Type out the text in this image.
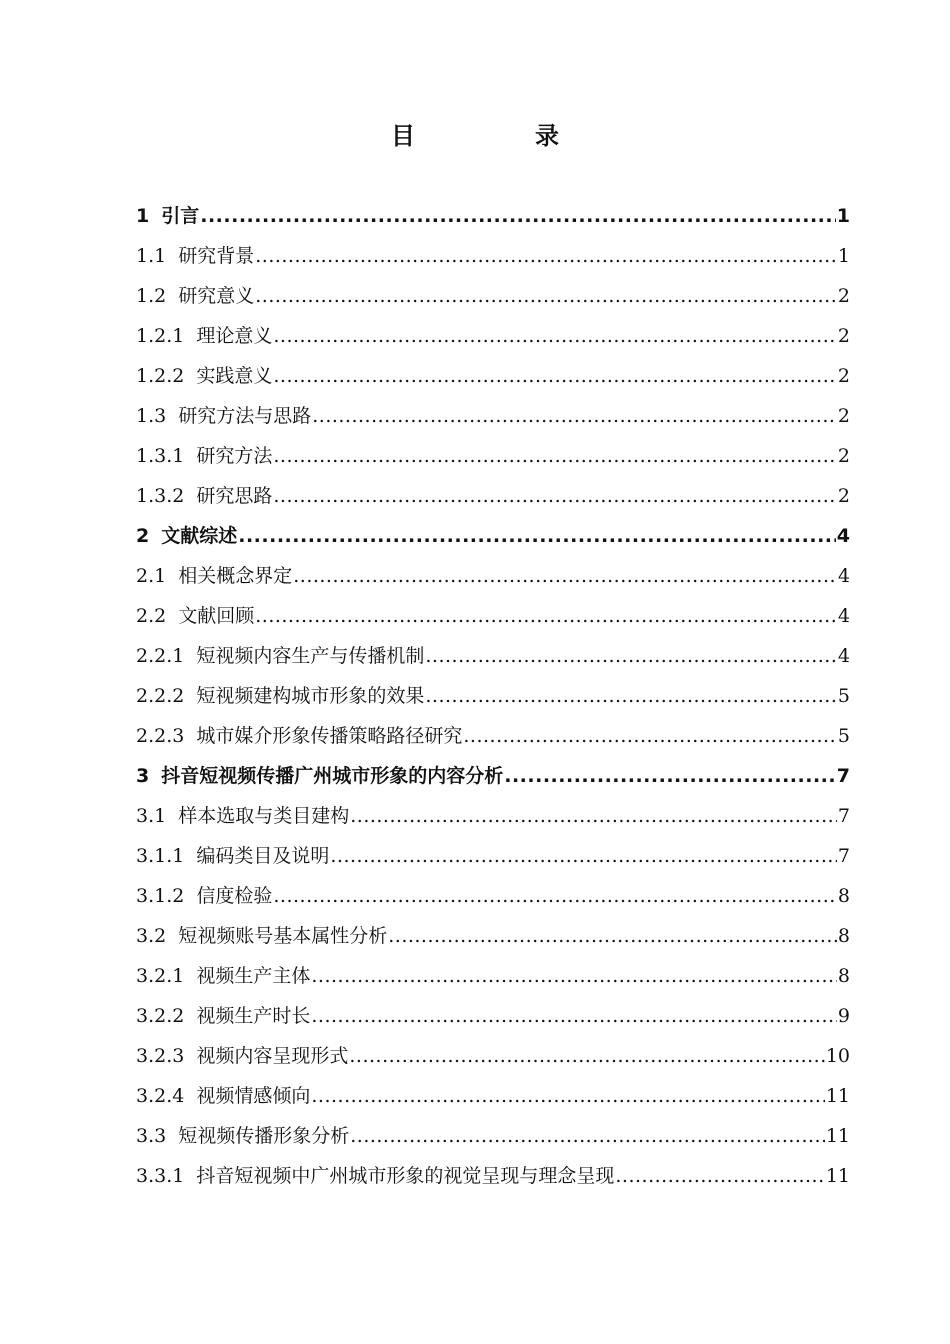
目　录
1 引言 .....	1
1.1 研究背景 .....	1
1.2 研究意义 .....	2
1.2.1 理论意义 .....	2
1.2.2 实践意义 .....	2
1.3 研究方法与思路 .....	2
1.3.1 研究方法 .....	2
1.3.2 研究思路 .....	2
2 文献综述 .....	4
2.1 相关概念界定 .....	4
2.2 文献回顾 .....	4
2.2.1 短视频内容生产与传播机制 .....	4
2.2.2 短视频建构城市形象的效果 .....	5
2.2.3 城市媒介形象传播策略路径研究 .....	5
3 抖音短视频传播广州城市形象的内容分析 .....	7
3.1 样本选取与类目建构 .....	7
3.1.1 编码类目及说明 .....	7
3.1.2 信度检验 .....	8
3.2 短视频账号基本属性分析 .....	8
3.2.1 视频生产主体 .....	8
3.2.2 视频生产时长 .....	9
3.2.3 视频内容呈现形式 .....	10
3.2.4 视频情感倾向 .....	11
3.3 短视频传播形象分析 .....	11
3.3.1 抖音短视频中广州城市形象的视觉呈现与理念呈现 .....	11
